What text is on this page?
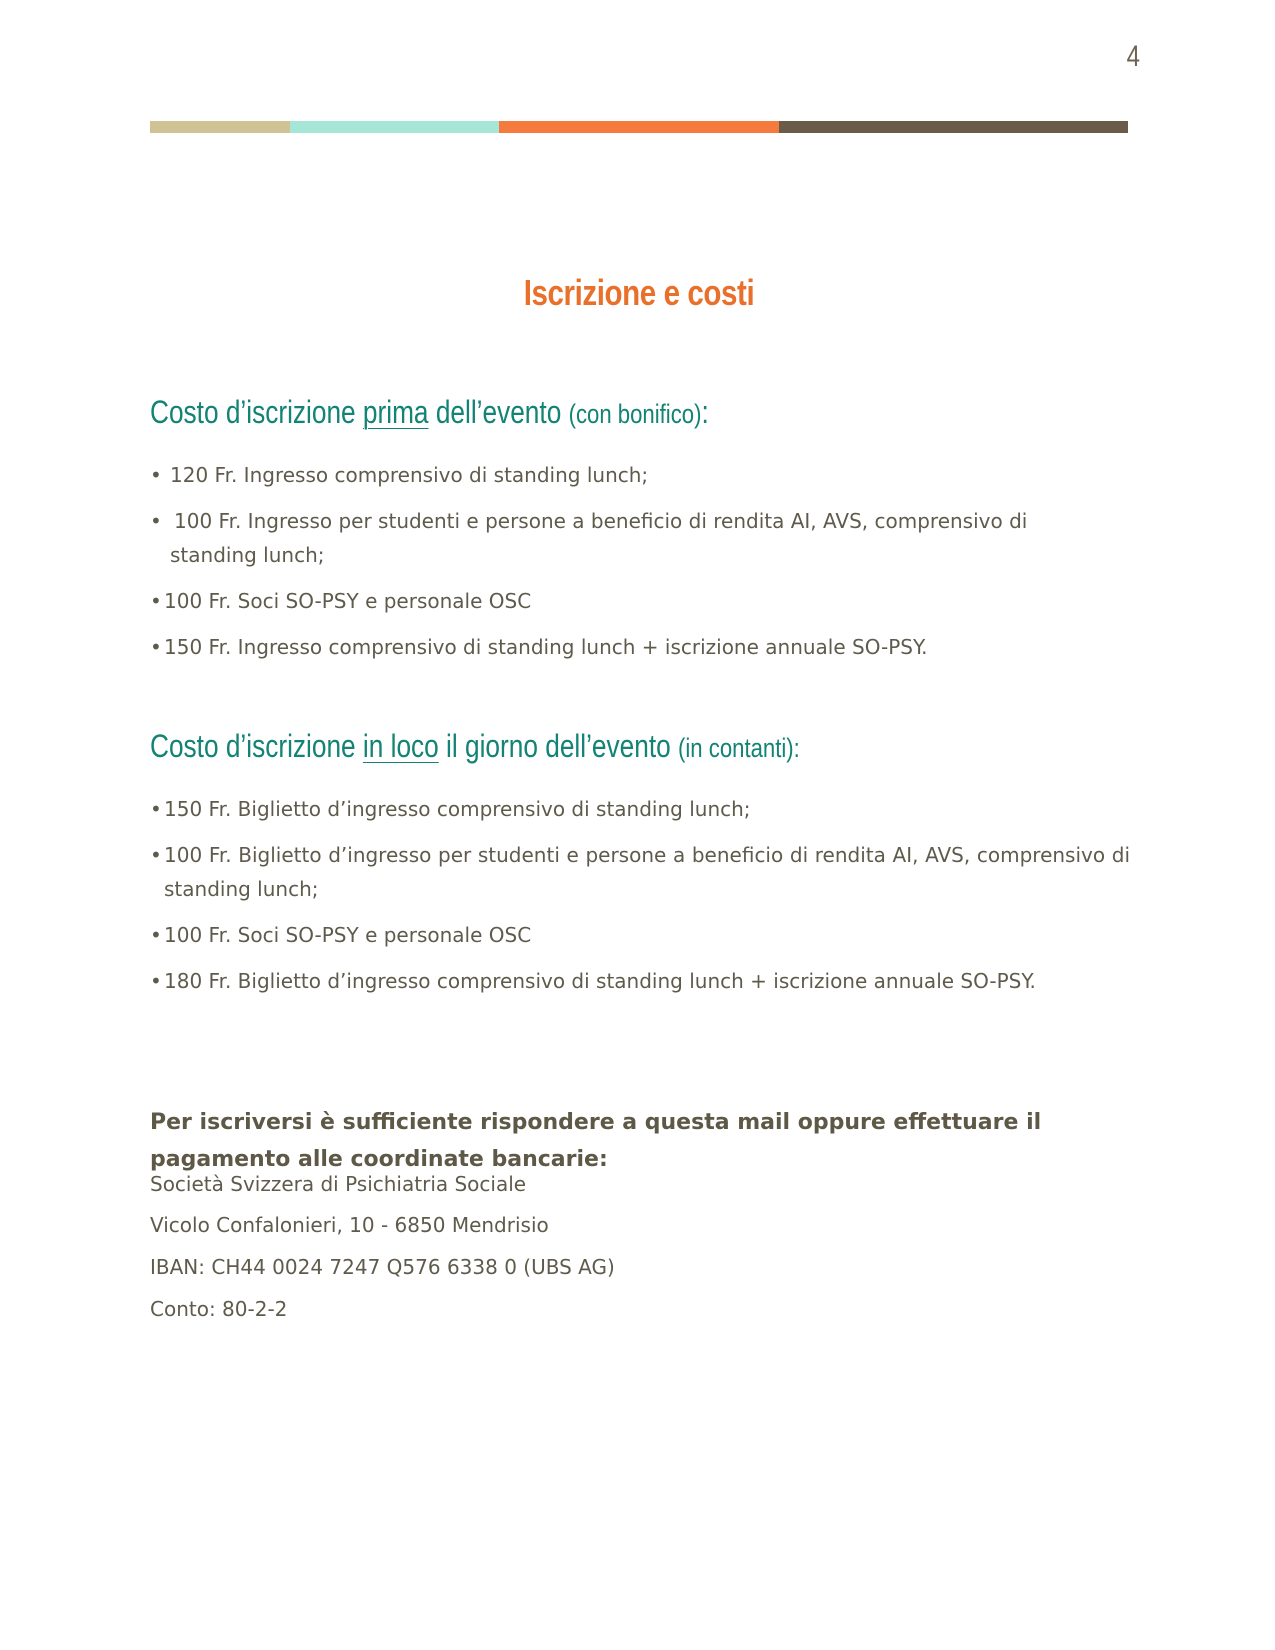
4
Iscrizione e costi
Costo d’iscrizione prima dell’evento (con bonifico):
• 120 Fr. Ingresso comprensivo di standing lunch;
• 100 Fr. Ingresso per studenti e persone a beneficio di rendita AI, AVS, comprensivo di standing lunch;
• 100 Fr. Soci SO-PSY e personale OSC
• 150 Fr. Ingresso comprensivo di standing lunch + iscrizione annuale SO-PSY.
Costo d’iscrizione in loco il giorno dell’evento (in contanti):
• 150 Fr. Biglietto d’ingresso comprensivo di standing lunch;
• 100 Fr. Biglietto d’ingresso per studenti e persone a beneficio di rendita AI, AVS, comprensivo di standing lunch;
• 100 Fr. Soci SO-PSY e personale OSC
• 180 Fr. Biglietto d’ingresso comprensivo di standing lunch + iscrizione annuale SO-PSY.
Per iscriversi è sufficiente rispondere a questa mail oppure effettuare il pagamento alle coordinate bancarie:
Società Svizzera di Psichiatria Sociale
Vicolo Confalonieri, 10 - 6850 Mendrisio
IBAN: CH44 0024 7247 Q576 6338 0 (UBS AG)
Conto: 80-2-2
